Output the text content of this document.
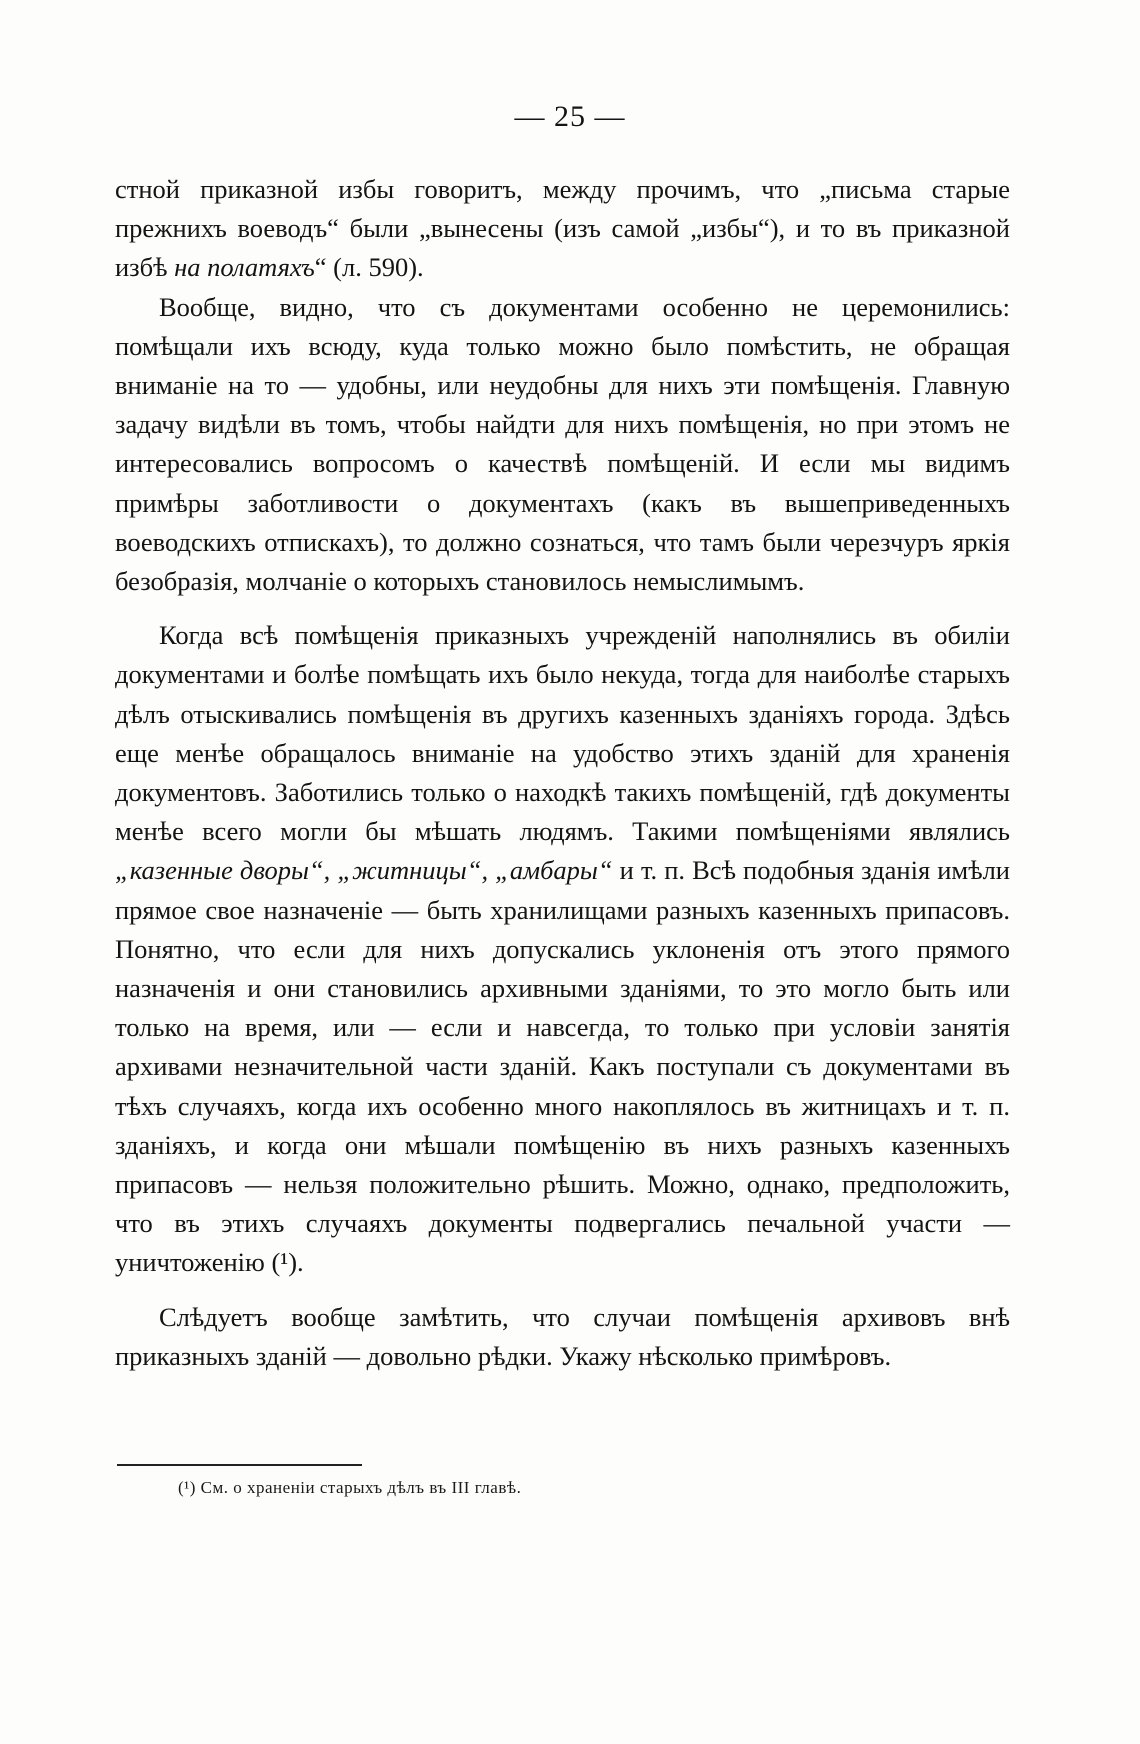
— 25 —

стной приказной избы говоритъ, между прочимъ, что „письма старые прежнихъ воеводъ“ были „вынесены (изъ самой „избы“), и то въ приказной избѣ на полатяхъ“ (л. 590).

Вообще, видно, что съ документами особенно не церемонились: помѣщали ихъ всюду, куда только можно было помѣстить, не обращая вниманіе на то — удобны, или неудобны для нихъ эти помѣщенія. Главную задачу видѣли въ томъ, чтобы найдти для нихъ помѣщенія, но при этомъ не интересовались вопросомъ о качествѣ помѣщеній. И если мы видимъ примѣры заботливости о документахъ (какъ въ вышеприведенныхъ воеводскихъ отпискахъ), то должно сознаться, что тамъ были черезчуръ яркія безобразія, молчаніе о которыхъ становилось немыслимымъ.

Когда всѣ помѣщенія приказныхъ учрежденій наполнялись въ обиліи документами и болѣе помѣщать ихъ было некуда, тогда для наиболѣе старыхъ дѣлъ отыскивались помѣщенія въ другихъ казенныхъ зданіяхъ города. Здѣсь еще менѣе обращалось вниманіе на удобство этихъ зданій для храненія документовъ. Заботились только о находкѣ такихъ помѣщеній, гдѣ документы менѣе всего могли бы мѣшать людямъ. Такими помѣщеніями являлись „казенные дворы“, „житницы“, „амбары“ и т. п. Всѣ подобныя зданія имѣли прямое свое назначеніе — быть хранилищами разныхъ казенныхъ припасовъ. Понятно, что если для нихъ допускались уклоненія отъ этого прямого назначенія и они становились архивными зданіями, то это могло быть или только на время, или — если и навсегда, то только при условіи занятія архивами незначительной части зданій. Какъ поступали съ документами въ тѣхъ случаяхъ, когда ихъ особенно много накоплялось въ житницахъ и т. п. зданіяхъ, и когда они мѣшали помѣщенію въ нихъ разныхъ казенныхъ припасовъ — нельзя положительно рѣшить. Можно, однако, предположить, что въ этихъ случаяхъ документы подвергались печальной участи — уничтоженію (¹).

Слѣдуетъ вообще замѣтить, что случаи помѣщенія архивовъ внѣ приказныхъ зданій — довольно рѣдки. Укажу нѣсколько примѣровъ.

(¹) См. о храненіи старыхъ дѣлъ въ III главѣ.
